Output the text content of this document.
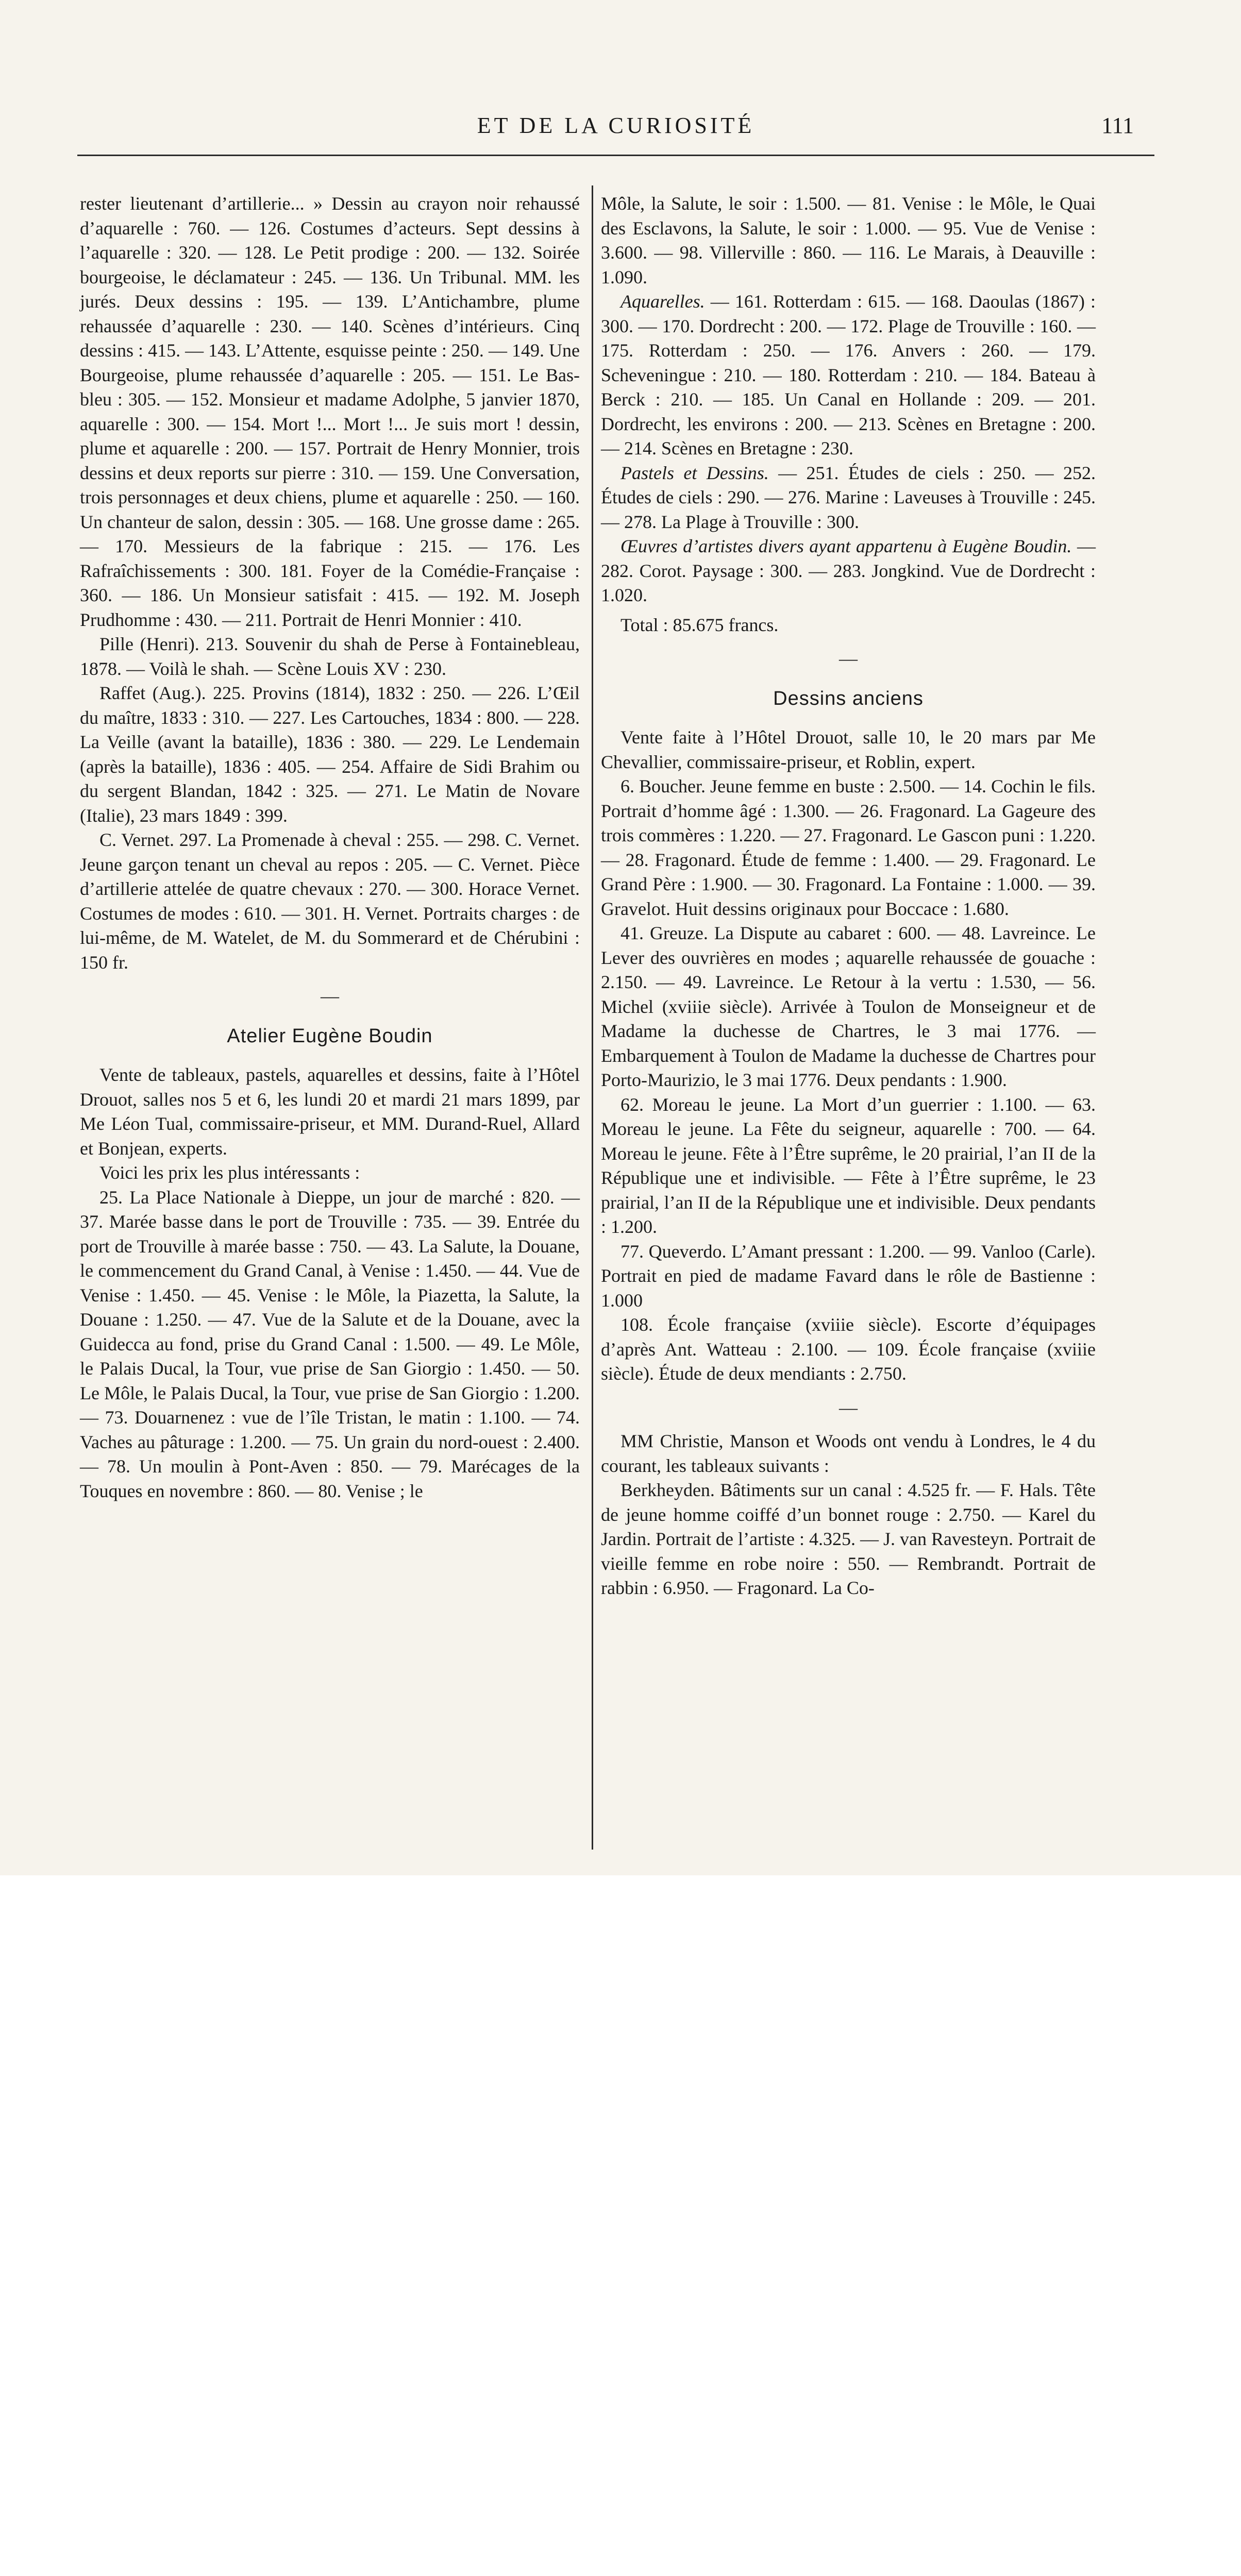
ET DE LA CURIOSITÉ	111

rester lieutenant d’artillerie... » Dessin au crayon noir rehaussé d’aquarelle : 760. — 126. Costumes d’acteurs. Sept dessins à l’aquarelle : 320. — 128. Le Petit prodige : 200. — 132. Soirée bourgeoise, le déclamateur : 245. — 136. Un Tribunal. MM. les jurés. Deux dessins : 195. — 139. L’Antichambre, plume rehaussée d’aquarelle : 230. — 140. Scènes d’intérieurs. Cinq dessins : 415. — 143. L’Attente, esquisse peinte : 250. — 149. Une Bourgeoise, plume rehaussée d’aquarelle : 205. — 151. Le Bas-bleu : 305. — 152. Monsieur et madame Adolphe, 5 janvier 1870, aquarelle : 300. — 154. Mort !... Mort !... Je suis mort ! dessin, plume et aquarelle : 200. — 157. Portrait de Henry Monnier, trois dessins et deux reports sur pierre : 310. — 159. Une Conversation, trois personnages et deux chiens, plume et aquarelle : 250. — 160. Un chanteur de salon, dessin : 305. — 168. Une grosse dame : 265. — 170. Messieurs de la fabrique : 215. — 176. Les Rafraîchissements : 300. 181. Foyer de la Comédie-Française : 360. — 186. Un Monsieur satisfait : 415. — 192. M. Joseph Prudhomme : 430. — 211. Portrait de Henri Monnier : 410.

Pille (Henri). 213. Souvenir du shah de Perse à Fontainebleau, 1878. — Voilà le shah. — Scène Louis XV : 230.

Raffet (Aug.). 225. Provins (1814), 1832 : 250. — 226. L’Œil du maître, 1833 : 310. — 227. Les Cartouches, 1834 : 800. — 228. La Veille (avant la bataille), 1836 : 380. — 229. Le Lendemain (après la bataille), 1836 : 405. — 254. Affaire de Sidi Brahim ou du sergent Blandan, 1842 : 325. — 271. Le Matin de Novare (Italie), 23 mars 1849 : 399.

C. Vernet. 297. La Promenade à cheval : 255. — 298. C. Vernet. Jeune garçon tenant un cheval au repos : 205. — C. Vernet. Pièce d’artillerie attelée de quatre chevaux : 270. — 300. Horace Vernet. Costumes de modes : 610. — 301. H. Vernet. Portraits charges : de lui-même, de M. Watelet, de M. du Sommerard et de Chérubini : 150 fr.

—

Atelier Eugène Boudin

Vente de tableaux, pastels, aquarelles et dessins, faite à l’Hôtel Drouot, salles nos 5 et 6, les lundi 20 et mardi 21 mars 1899, par Me Léon Tual, commissaire-priseur, et MM. Durand-Ruel, Allard et Bonjean, experts.

Voici les prix les plus intéressants :

25. La Place Nationale à Dieppe, un jour de marché : 820. — 37. Marée basse dans le port de Trouville : 735. — 39. Entrée du port de Trouville à marée basse : 750. — 43. La Salute, la Douane, le commencement du Grand Canal, à Venise : 1.450. — 44. Vue de Venise : 1.450. — 45. Venise : le Môle, la Piazetta, la Salute, la Douane : 1.250. — 47. Vue de la Salute et de la Douane, avec la Guidecca au fond, prise du Grand Canal : 1.500. — 49. Le Môle, le Palais Ducal, la Tour, vue prise de San Giorgio : 1.450. — 50. Le Môle, le Palais Ducal, la Tour, vue prise de San Giorgio : 1.200. — 73. Douarnenez : vue de l’île Tristan, le matin : 1.100. — 74. Vaches au pâturage : 1.200. — 75. Un grain du nord-ouest : 2.400. — 78. Un moulin à Pont-Aven : 850. — 79. Marécages de la Touques en novembre : 860. — 80. Venise ; le

Môle, la Salute, le soir : 1.500. — 81. Venise : le Môle, le Quai des Esclavons, la Salute, le soir : 1.000. — 95. Vue de Venise : 3.600. — 98. Villerville : 860. — 116. Le Marais, à Deauville : 1.090.

Aquarelles. — 161. Rotterdam : 615. — 168. Daoulas (1867) : 300. — 170. Dordrecht : 200. — 172. Plage de Trouville : 160. — 175. Rotterdam : 250. — 176. Anvers : 260. — 179. Scheveningue : 210. — 180. Rotterdam : 210. — 184. Bateau à Berck : 210. — 185. Un Canal en Hollande : 209. — 201. Dordrecht, les environs : 200. — 213. Scènes en Bretagne : 200. — 214. Scènes en Bretagne : 230.

Pastels et Dessins. — 251. Études de ciels : 250. — 252. Études de ciels : 290. — 276. Marine : Laveuses à Trouville : 245. — 278. La Plage à Trouville : 300.

Œuvres d’artistes divers ayant appartenu à Eugène Boudin. — 282. Corot. Paysage : 300. — 283. Jongkind. Vue de Dordrecht : 1.020.

Total : 85.675 francs.

—

Dessins anciens

Vente faite à l’Hôtel Drouot, salle 10, le 20 mars par Me Chevallier, commissaire-priseur, et Roblin, expert.

6. Boucher. Jeune femme en buste : 2.500. — 14. Cochin le fils. Portrait d’homme âgé : 1.300. — 26. Fragonard. La Gageure des trois commères : 1.220. — 27. Fragonard. Le Gascon puni : 1.220. — 28. Fragonard. Étude de femme : 1.400. — 29. Fragonard. Le Grand Père : 1.900. — 30. Fragonard. La Fontaine : 1.000. — 39. Gravelot. Huit dessins originaux pour Boccace : 1.680.

41. Greuze. La Dispute au cabaret : 600. — 48. Lavreince. Le Lever des ouvrières en modes ; aquarelle rehaussée de gouache : 2.150. — 49. Lavreince. Le Retour à la vertu : 1.530, — 56. Michel (xviiie siècle). Arrivée à Toulon de Monseigneur et de Madame la duchesse de Chartres, le 3 mai 1776. — Embarquement à Toulon de Madame la duchesse de Chartres pour Porto-Maurizio, le 3 mai 1776. Deux pendants : 1.900.

62. Moreau le jeune. La Mort d’un guerrier : 1.100. — 63. Moreau le jeune. La Fête du seigneur, aquarelle : 700. — 64. Moreau le jeune. Fête à l’Être suprême, le 20 prairial, l’an II de la République une et indivisible. — Fête à l’Être suprême, le 23 prairial, l’an II de la République une et indivisible. Deux pendants : 1.200.

77. Queverdo. L’Amant pressant : 1.200. — 99. Vanloo (Carle). Portrait en pied de madame Favard dans le rôle de Bastienne : 1.000

108. École française (xviiie siècle). Escorte d’équipages d’après Ant. Watteau : 2.100. — 109. École française (xviiie siècle). Étude de deux mendiants : 2.750.

—

MM Christie, Manson et Woods ont vendu à Londres, le 4 du courant, les tableaux suivants :

Berkheyden. Bâtiments sur un canal : 4.525 fr. — F. Hals. Tête de jeune homme coiffé d’un bonnet rouge : 2.750. — Karel du Jardin. Portrait de l’artiste : 4.325. — J. van Ravesteyn. Portrait de vieille femme en robe noire : 550. — Rembrandt. Portrait de rabbin : 6.950. — Fragonard. La Co-
